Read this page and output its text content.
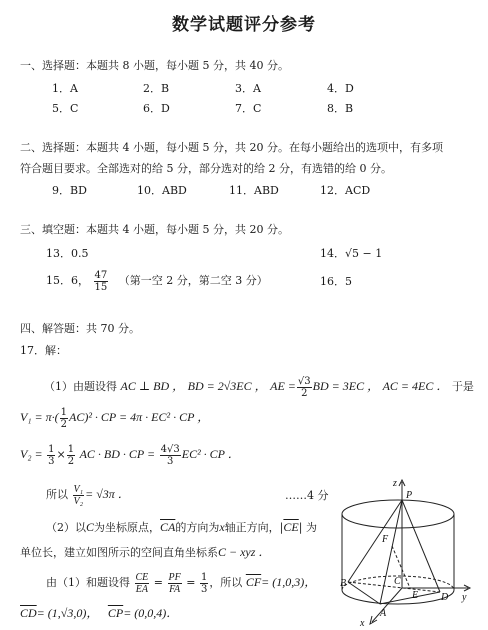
数学试题评分参考
一、选择题：本题共 8 小题，每小题 5 分，共 40 分。
1．A	2．B	3．A	4．D
5．C	6．D	7．C	8．B
二、选择题：本题共 4 小题，每小题 5 分，共 20 分。在每小题给出的选项中，有多项
符合题目要求。全部选对的给 5 分，部分选对的给 2 分，有选错的给 0 分。
9．BD	10．ABD	11．ABD	12．ACD
三、填空题：本题共 4 小题，每小题 5 分，共 20 分。
13．0.5	14．√5 − 1
15．6， $\frac{47}{15}$ （第一空 2 分，第二空 3 分）	16．5
四、解答题：共 70 分。
17．解：
（1）由题设得 AC ⊥ BD ， BD = 2√3EC ， AE = $\frac{√3}{2}$ BD = 3EC ， AC = 4EC ． 于是
$V_1 = \pi\cdot( \frac{1}{2} AC)^2$ · CP = 4π · EC² · CP ，
$V_2 = \frac{1}{3} \times \frac{1}{2}$ AC · BD · CP = $\frac{4√3}{3} EC^2$ · CP ．
所以 $\frac{\text{V₁}}{\text{V₂}} = √3\pi$ ．	……4 分
（2）以C为坐标原点，$\overline{CA}$的方向为x轴正方向，$|\overline{CE}|$ 为
单位长，建立如图所示的空间直角坐标系C − xyz ．
由（1）和题设得 $\frac{CE}{EA} = \frac{PF}{FA} = \frac{1}{3}$ ，所以 $\overline{CF}= (1,0,3)$，
$\overline{CD}= (1,√3,0)$， $\overline{CP}= (0,0,4)$．
z
P
F
B
E D
C
A
y
x
